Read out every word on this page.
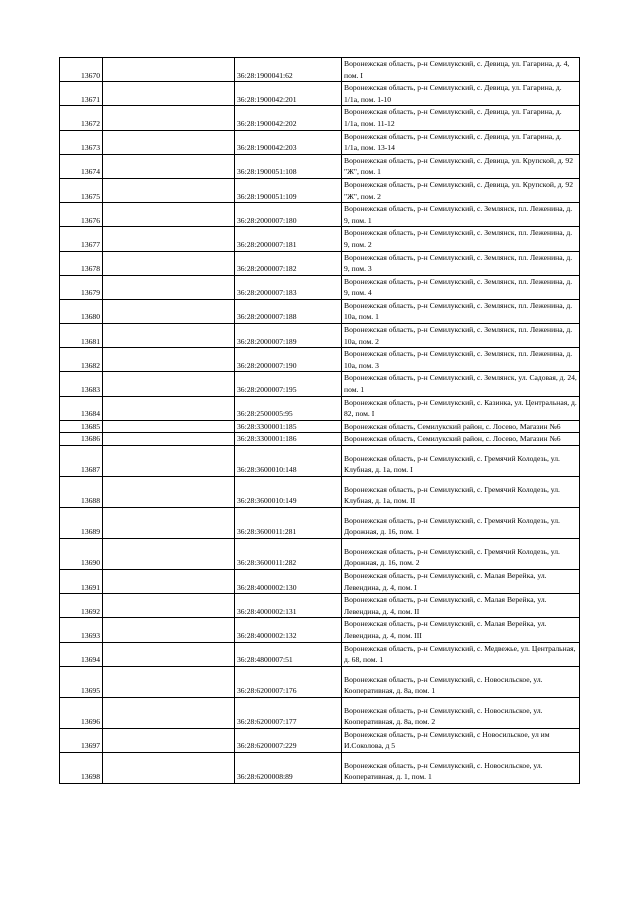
13670		36:28:1900041:62	Воронежская область, р-н Семилукский, с. Девица, ул. Гагарина, д. 4, пом. I
13671		36:28:1900042:201	Воронежская область, р-н Семилукский, с. Девица, ул. Гагарина, д. 1/1а, пом. 1-10
13672		36:28:1900042:202	Воронежская область, р-н Семилукский, с. Девица, ул. Гагарина, д. 1/1а, пом. 11-12
13673		36:28:1900042:203	Воронежская область, р-н Семилукский, с. Девица, ул. Гагарина, д. 1/1а, пом. 13-14
13674		36:28:1900051:108	Воронежская область, р-н Семилукский, с. Девица, ул. Крупской, д. 92 "Ж", пом. 1
13675		36:28:1900051:109	Воронежская область, р-н Семилукский, с. Девица, ул. Крупской, д. 92 "Ж", пом. 2
13676		36:28:2000007:180	Воронежская область, р-н Семилукский, с. Землянск, пл. Леженина, д. 9, пом. 1
13677		36:28:2000007:181	Воронежская область, р-н Семилукский, с. Землянск, пл. Леженина, д. 9, пом. 2
13678		36:28:2000007:182	Воронежская область, р-н Семилукский, с. Землянск, пл. Леженина, д. 9, пом. 3
13679		36:28:2000007:183	Воронежская область, р-н Семилукский, с. Землянск, пл. Леженина, д. 9, пом. 4
13680		36:28:2000007:188	Воронежская область, р-н Семилукский, с. Землянск, пл. Леженина, д. 10а, пом. 1
13681		36:28:2000007:189	Воронежская область, р-н Семилукский, с. Землянск, пл. Леженина, д. 10а, пом. 2
13682		36:28:2000007:190	Воронежская область, р-н Семилукский, с. Землянск, пл. Леженина, д. 10а, пом. 3
13683		36:28:2000007:195	Воронежская область, р-н Семилукский, с. Землянск, ул. Садовая, д. 24, пом. 1
13684		36:28:2500005:95	Воронежская область, р-н Семилукский, с. Казинка, ул. Центральная, д. 82, пом. I
13685		36:28:3300001:185	Воронежская область, Семилукский район, с. Лосево, Магазин №6
13686		36:28:3300001:186	Воронежская область, Семилукский район, с. Лосево, Магазин №6
13687		36:28:3600010:148	Воронежская область, р-н Семилукский, с. Гремячий Колодезь, ул. Клубная, д. 1а, пом. I
13688		36:28:3600010:149	Воронежская область, р-н Семилукский, с. Гремячий Колодезь, ул. Клубная, д. 1а, пом. II
13689		36:28:3600011:281	Воронежская область, р-н Семилукский, с. Гремячий Колодезь, ул. Дорожная, д. 16, пом. 1
13690		36:28:3600011:282	Воронежская область, р-н Семилукский, с. Гремячий Колодезь, ул. Дорожная, д. 16, пом. 2
13691		36:28:4000002:130	Воронежская область, р-н Семилукский, с. Малая Верейка, ул. Левендина, д. 4, пом. I
13692		36:28:4000002:131	Воронежская область, р-н Семилукский, с. Малая Верейка, ул. Левендина, д. 4, пом. II
13693		36:28:4000002:132	Воронежская область, р-н Семилукский, с. Малая Верейка, ул. Левендина, д. 4, пом. III
13694		36:28:4800007:51	Воронежская область, р-н Семилукский, с. Медвежье, ул. Центральная, д. 68, пом. 1
13695		36:28:6200007:176	Воронежская область, р-н Семилукский, с. Новосильское, ул. Кооперативная, д. 8а, пом. 1
13696		36:28:6200007:177	Воронежская область, р-н Семилукский, с. Новосильское, ул. Кооперативная, д. 8а, пом. 2
13697		36:28:6200007:229	Воронежская область, р-н Семилукский, с Новосильское, ул им И.Соколова, д 5
13698		36:28:6200008:89	Воронежская область, р-н Семилукский, с. Новосильское, ул. Кооперативная, д. 1, пом. 1
